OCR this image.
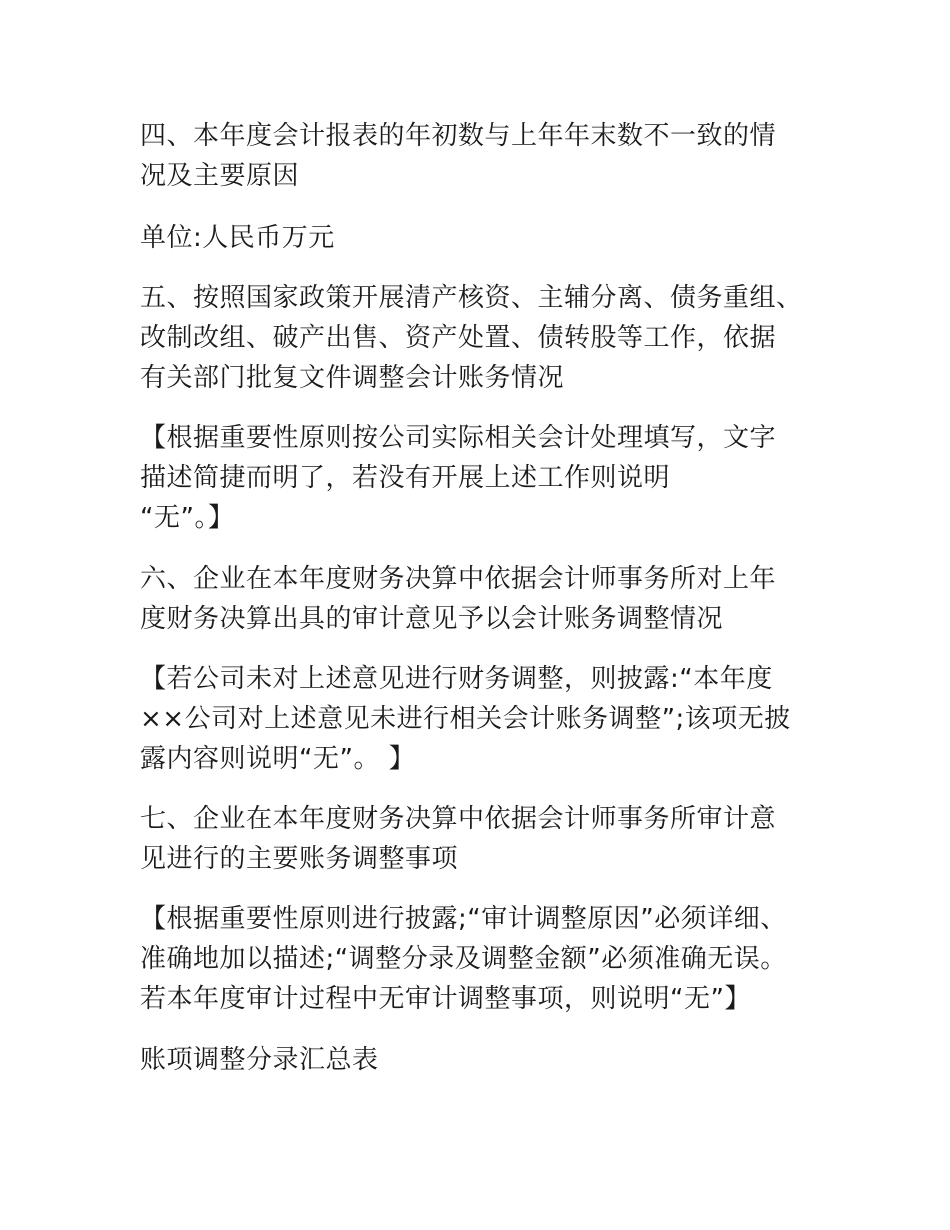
四、本年度会计报表的年初数与上年年末数不一致的情
况及主要原因

单位:人民币万元

五、按照国家政策开展清产核资、主辅分离、债务重组、
改制改组、破产出售、资产处置、债转股等工作，依据
有关部门批复文件调整会计账务情况

【根据重要性原则按公司实际相关会计处理填写，文字
描述简捷而明了，若没有开展上述工作则说明
“无”。】

六、企业在本年度财务决算中依据会计师事务所对上年
度财务决算出具的审计意见予以会计账务调整情况

【若公司未对上述意见进行财务调整，则披露:“本年度
××公司对上述意见未进行相关会计账务调整”;该项无披
露内容则说明“无”。 】

七、企业在本年度财务决算中依据会计师事务所审计意
见进行的主要账务调整事项

【根据重要性原则进行披露;“审计调整原因”必须详细、
准确地加以描述;“调整分录及调整金额”必须准确无误。
若本年度审计过程中无审计调整事项，则说明“无”】

账项调整分录汇总表
